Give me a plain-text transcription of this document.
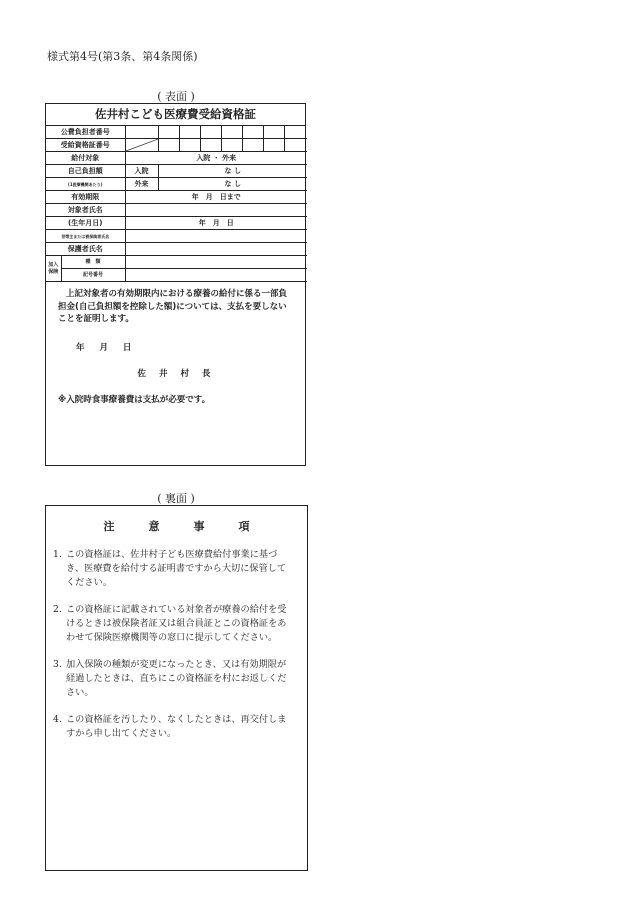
様式第4号(第3条、第4条関係)
( 表面 )
佐井村こども医療費受給資格証
公費負担者番号									
受給資格証番号	

給付対象		入院 ・ 外来							
自己負担額		入院	な し						
(1医療機関あたり)		外来	な し						
有効期限		年　月　日まで							
対象者氏名									
(生年月日)		年　月　日							
世帯主または被保険者氏名									
保護者氏名									
加入保険	種　類								
	記号番号								
上記対象者の有効期限内における療養の給付に係る一部負担金(自己負担額を控除した額)については、支払を要しないことを証明します。
年 月 日
佐 井 村 長
※入院時食事療養費は支払が必要です。
( 裏面 )
注意事項
1. この資格証は、佐井村子ども医療費給付事業に基づき、医療費を給付する証明書ですから大切に保管してください。
2. この資格証に記載されている対象者が療養の給付を受けるときは被保険者証又は組合員証とこの資格証をあわせて保険医療機関等の窓口に提示してください。
3. 加入保険の種類が変更になったとき、又は有効期限が経過したときは、直ちにこの資格証を村にお返しください。
4. この資格証を汚したり、なくしたときは、再交付しますから申し出てください。
